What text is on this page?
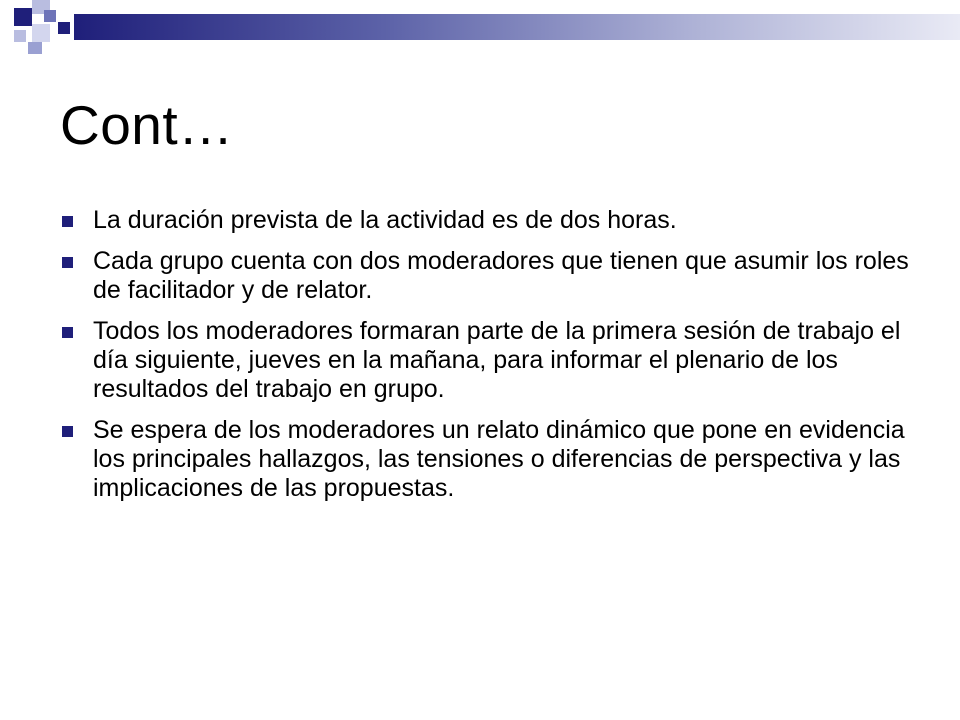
Cont…
La duración prevista de la actividad es de dos horas.
Cada grupo cuenta con dos moderadores que tienen que asumir los roles de facilitador y de relator.
Todos los moderadores formaran parte de la primera sesión de trabajo el día siguiente, jueves en la mañana, para informar el plenario de los resultados del trabajo en grupo.
Se espera de los moderadores un relato dinámico que pone en evidencia los principales hallazgos, las tensiones o diferencias de perspectiva y las implicaciones de las propuestas.
